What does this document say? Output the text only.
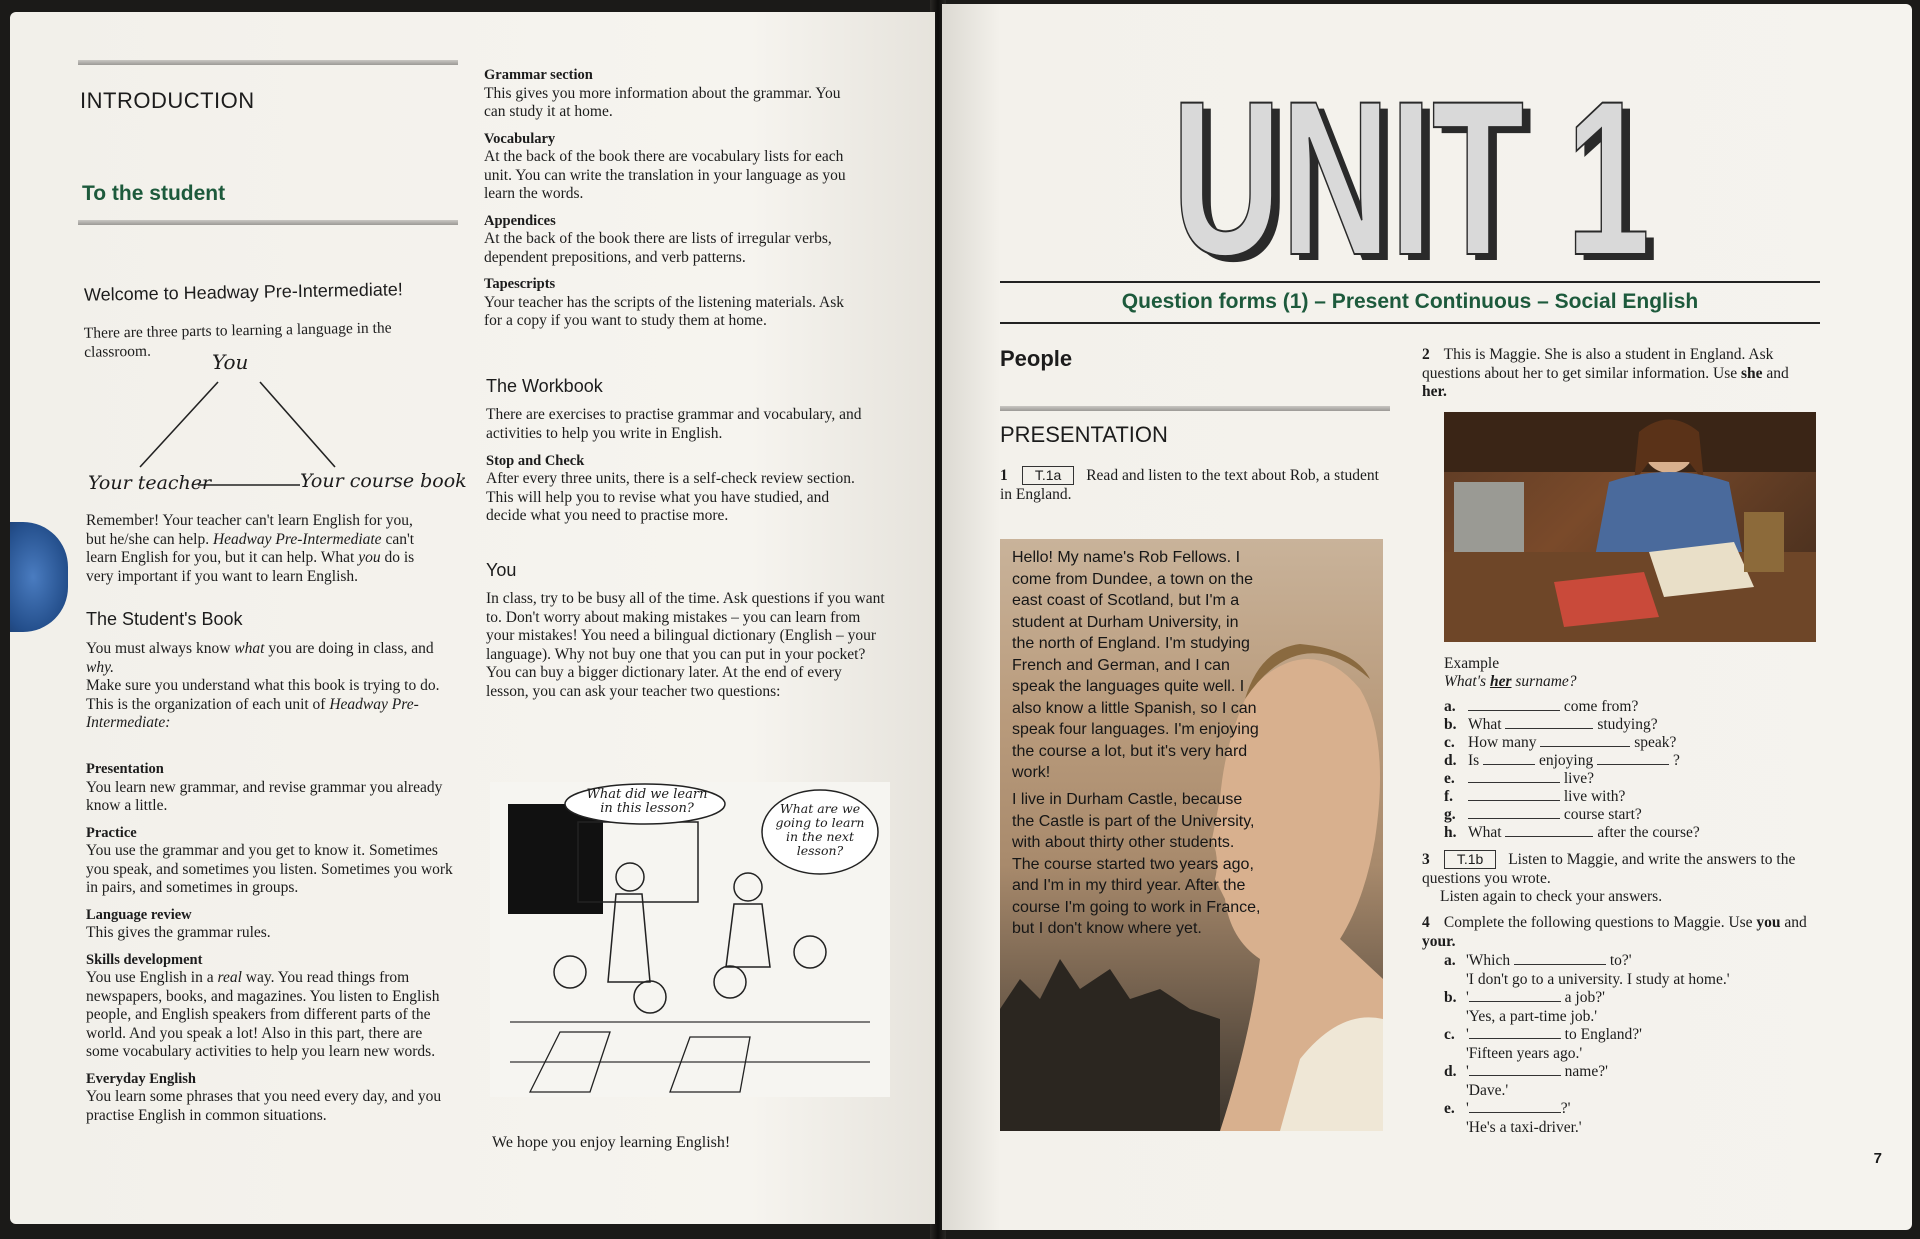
INTRODUCTION
To the student
Welcome to Headway Pre-Intermediate!
There are three parts to learning a language in the classroom.	You
Your teacher	Your course book
Remember! Your teacher can't learn English for you, but he/she can help. Headway Pre-Intermediate can't learn English for you, but it can help. What you do is very important if you want to learn English.
The Student's Book
You must always know what you are doing in class, and why.
Make sure you understand what this book is trying to do.
This is the organization of each unit of Headway Pre-Intermediate:
Presentation
You learn new grammar, and revise grammar you already know a little.
Practice
You use the grammar and you get to know it. Sometimes you speak, and sometimes you listen. Sometimes you work in pairs, and sometimes in groups.
Language review
This gives the grammar rules.
Skills development
You use English in a real way. You read things from newspapers, books, and magazines. You listen to English people, and English speakers from different parts of the world. And you speak a lot! Also in this part, there are some vocabulary activities to help you learn new words.
Everyday English
You learn some phrases that you need every day, and you practise English in common situations.
Grammar section
This gives you more information about the grammar. You can study it at home.
Vocabulary
At the back of the book there are vocabulary lists for each unit. You can write the translation in your language as you learn the words.
Appendices
At the back of the book there are lists of irregular verbs, dependent prepositions, and verb patterns.
Tapescripts
Your teacher has the scripts of the listening materials. Ask for a copy if you want to study them at home.
The Workbook
There are exercises to practise grammar and vocabulary, and activities to help you write in English.
Stop and Check
After every three units, there is a self-check review section. This will help you to revise what you have studied, and decide what you need to practise more.
You
In class, try to be busy all of the time. Ask questions if you want to. Don't worry about making mistakes – you can learn from your mistakes! You need a bilingual dictionary (English – your language). Why not buy one that you can put in your pocket? You can buy a bigger dictionary later. At the end of every lesson, you can ask your teacher two questions:
What did we learn in this lesson?	What are we going to learn in the next lesson?
We hope you enjoy learning English!
UNIT 1
UNIT 1
Question forms (1) – Present Continuous – Social English
People
PRESENTATION
1 T.1a Read and listen to the text about Rob, a student in England.
Hello! My name's Rob Fellows. I come from Dundee, a town on the east coast of Scotland, but I'm a student at Durham University, in the north of England. I'm studying French and German, and I can speak the languages quite well. I also know a little Spanish, so I can speak four languages. I'm enjoying the course a lot, but it's very hard work!
I live in Durham Castle, because the Castle is part of the University, with about thirty other students. The course started two years ago, and I'm in my third year. After the course I'm going to work in France, but I don't know where yet.
2 This is Maggie. She is also a student in England. Ask questions about her to get similar information. Use she and her.
Example
What's her surname?
a.	come from?
b. What	studying?
c. How many	speak?
d. Is	enjoying	?
e.	live?
f.	live with?
g.	course start?
h. What	after the course?
3 T.1b Listen to Maggie, and write the answers to the questions you wrote.
Listen again to check your answers.
4 Complete the following questions to Maggie. Use you and your.
a. 'Which	to?'
'I don't go to a university. I study at home.'
b. '	a job?'
'Yes, a part-time job.'
c. '	to England?'
'Fifteen years ago.'
d. '	name?'
'Dave.'
e. '	?'
'He's a taxi-driver.'
7
